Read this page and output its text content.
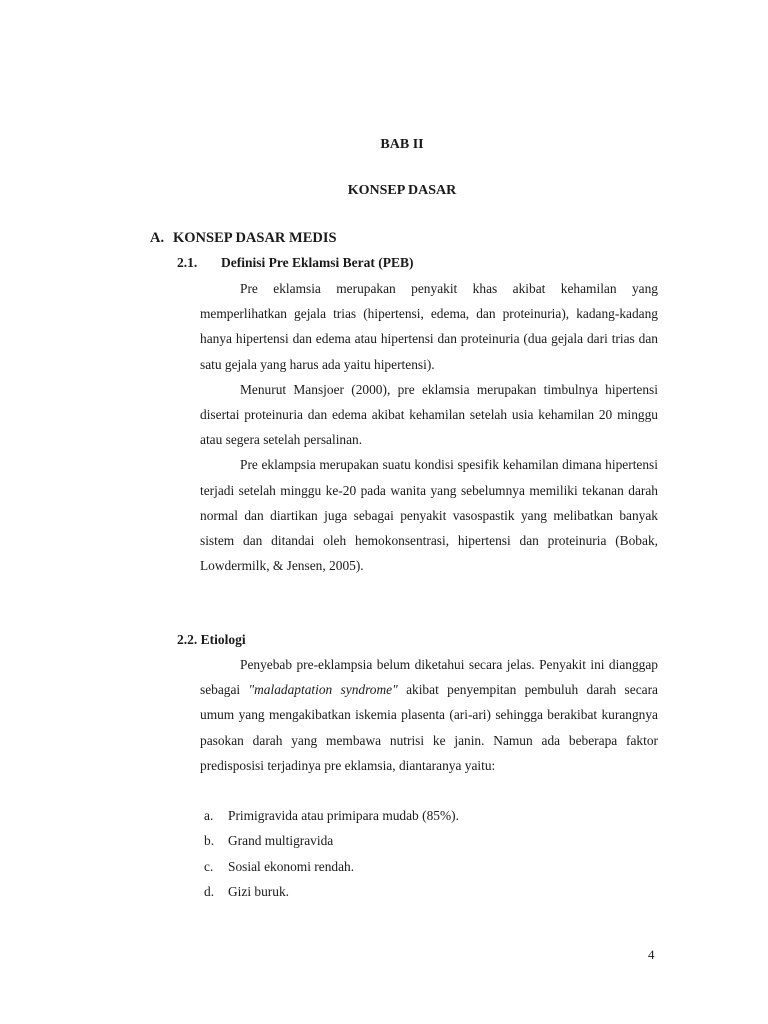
BAB II
KONSEP DASAR
A. KONSEP DASAR MEDIS
2.1. Definisi Pre Eklamsi Berat (PEB)

Pre eklamsia merupakan penyakit khas akibat kehamilan yang memperlihatkan gejala trias (hipertensi, edema, dan proteinuria), kadang-kadang hanya hipertensi dan edema atau hipertensi dan proteinuria (dua gejala dari trias dan satu gejala yang harus ada yaitu hipertensi).

Menurut Mansjoer (2000), pre eklamsia merupakan timbulnya hipertensi disertai proteinuria dan edema akibat kehamilan setelah usia kehamilan 20 minggu atau segera setelah persalinan.

Pre eklampsia merupakan suatu kondisi spesifik kehamilan dimana hipertensi terjadi setelah minggu ke-20 pada wanita yang sebelumnya memiliki tekanan darah normal dan diartikan juga sebagai penyakit vasospastik yang melibatkan banyak sistem dan ditandai oleh hemokonsentrasi, hipertensi dan proteinuria (Bobak, Lowdermilk, & Jensen, 2005).

2.2. Etiologi

Penyebab pre-eklampsia belum diketahui secara jelas. Penyakit ini dianggap sebagai "maladaptation syndrome" akibat penyempitan pembuluh darah secara umum yang mengakibatkan iskemia plasenta (ari-ari) sehingga berakibat kurangnya pasokan darah yang membawa nutrisi ke janin. Namun ada beberapa faktor predisposisi terjadinya pre eklamsia, diantaranya yaitu:

a. Primigravida atau primipara mudab (85%).
b. Grand multigravida
c. Sosial ekonomi rendah.
d. Gizi buruk.
4
